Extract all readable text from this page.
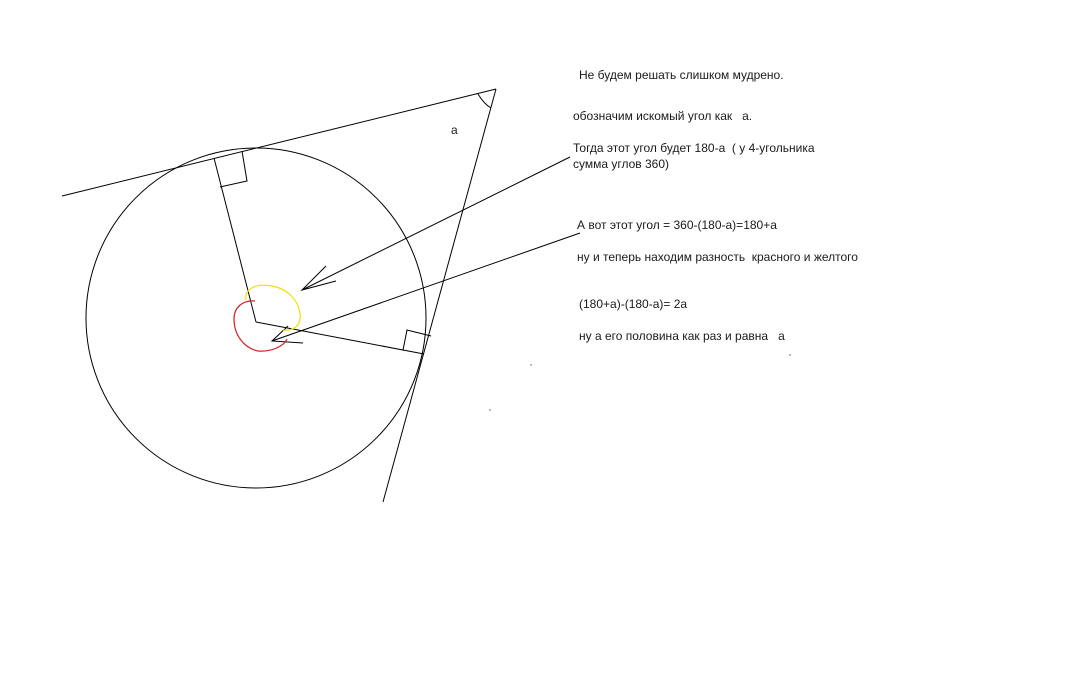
а
Не будем решать слишком мудрено.
обозначим искомый угол как   а.
Тогда этот угол будет 180-а  ( у 4-угольника
сумма углов 360)
А вот этот угол = 360-(180-а)=180+а
ну и теперь находим разность  красного и желтого
(180+а)-(180-а)= 2а
ну а его половина как раз и равна   а
